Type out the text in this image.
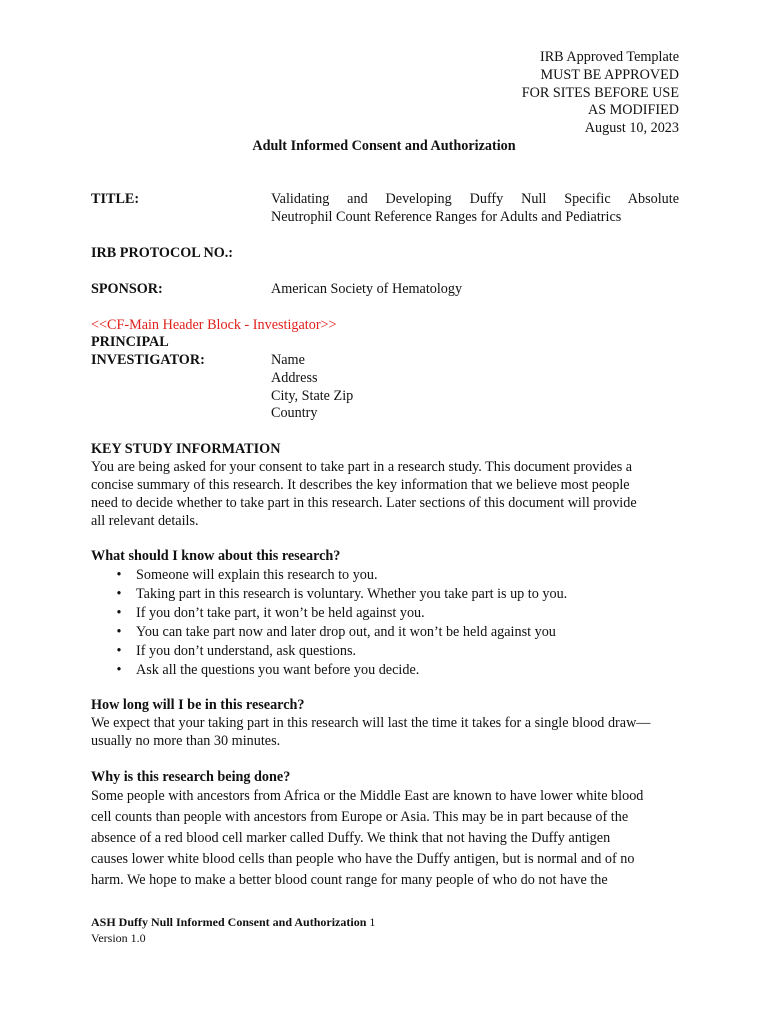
IRB Approved Template
MUST BE APPROVED
FOR SITES BEFORE USE
AS MODIFIED
August 10, 2023
Adult Informed Consent and Authorization
TITLE:	Validating and Developing Duffy Null Specific Absolute
Neutrophil Count Reference Ranges for Adults and Pediatrics
IRB PROTOCOL NO.:
SPONSOR:	American Society of Hematology
<<CF-Main Header Block - Investigator>>
PRINCIPAL
INVESTIGATOR:	Name
Address
City, State Zip
Country
KEY STUDY INFORMATION
You are being asked for your consent to take part in a research study. This document provides a
concise summary of this research. It describes the key information that we believe most people
need to decide whether to take part in this research. Later sections of this document will provide
all relevant details.
What should I know about this research?
• Someone will explain this research to you.
• Taking part in this research is voluntary. Whether you take part is up to you.
• If you don’t take part, it won’t be held against you.
• You can take part now and later drop out, and it won’t be held against you
• If you don’t understand, ask questions.
• Ask all the questions you want before you decide.
How long will I be in this research?
We expect that your taking part in this research will last the time it takes for a single blood draw—
usually no more than 30 minutes.
Why is this research being done?
Some people with ancestors from Africa or the Middle East are known to have lower white blood
cell counts than people with ancestors from Europe or Asia. This may be in part because of the
absence of a red blood cell marker called Duffy. We think that not having the Duffy antigen
causes lower white blood cells than people who have the Duffy antigen, but is normal and of no
harm. We hope to make a better blood count range for many people of who do not have the
ASH Duffy Null Informed Consent and Authorization 1
Version 1.0
